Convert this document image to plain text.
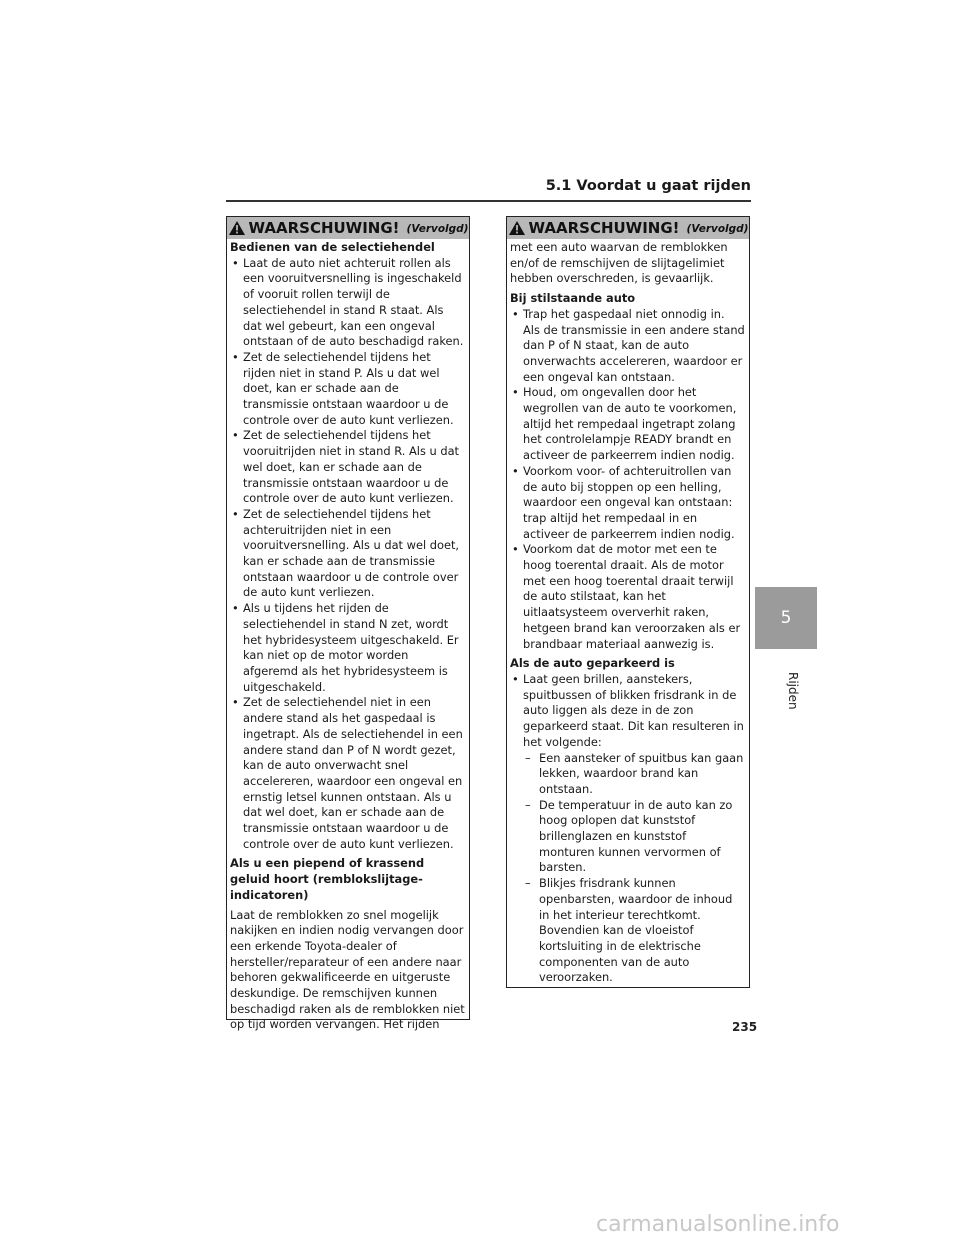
5.1 Voordat u gaat rijden
WAARSCHUWING! (Vervolgd)

Bedienen van de selectiehendel

• Laat de auto niet achteruit rollen als een vooruitversnelling is ingeschakeld of vooruit rollen terwijl de selectiehendel in stand R staat. Als dat wel gebeurt, kan een ongeval ontstaan of de auto beschadigd raken.
• Zet de selectiehendel tijdens het rijden niet in stand P. Als u dat wel doet, kan er schade aan de transmissie ontstaan waardoor u de controle over de auto kunt verliezen.
• Zet de selectiehendel tijdens het vooruitrijden niet in stand R. Als u dat wel doet, kan er schade aan de transmissie ontstaan waardoor u de controle over de auto kunt verliezen.
• Zet de selectiehendel tijdens het achteruitrijden niet in een vooruitversnelling. Als u dat wel doet, kan er schade aan de transmissie ontstaan waardoor u de controle over de auto kunt verliezen.
• Als u tijdens het rijden de selectiehendel in stand N zet, wordt het hybridesysteem uitgeschakeld. Er kan niet op de motor worden afgeremd als het hybridesysteem is uitgeschakeld.
• Zet de selectiehendel niet in een andere stand als het gaspedaal is ingetrapt. Als de selectiehendel in een andere stand dan P of N wordt gezet, kan de auto onverwacht snel accelereren, waardoor een ongeval en ernstig letsel kunnen ontstaan. Als u dat wel doet, kan er schade aan de transmissie ontstaan waardoor u de controle over de auto kunt verliezen.

Als u een piepend of krassend geluid hoort (remblokslijtage-indicatoren)

Laat de remblokken zo snel mogelijk nakijken en indien nodig vervangen door een erkende Toyota-dealer of hersteller/reparateur of een andere naar behoren gekwalificeerde en uitgeruste deskundige. De remschijven kunnen beschadigd raken als de remblokken niet op tijd worden vervangen. Het rijden

WAARSCHUWING! (Vervolgd)

met een auto waarvan de remblokken en/of de remschijven de slijtagelimiet hebben overschreden, is gevaarlijk.

Bij stilstaande auto

• Trap het gaspedaal niet onnodig in. Als de transmissie in een andere stand dan P of N staat, kan de auto onverwachts accelereren, waardoor er een ongeval kan ontstaan.
• Houd, om ongevallen door het wegrollen van de auto te voorkomen, altijd het rempedaal ingetrapt zolang het controlelampje READY brandt en activeer de parkeerrem indien nodig.
• Voorkom voor- of achteruitrollen van de auto bij stoppen op een helling, waardoor een ongeval kan ontstaan: trap altijd het rempedaal in en activeer de parkeerrem indien nodig.
• Voorkom dat de motor met een te hoog toerental draait. Als de motor met een hoog toerental draait terwijl de auto stilstaat, kan het uitlaatsysteem oververhit raken, hetgeen brand kan veroorzaken als er brandbaar materiaal aanwezig is.

Als de auto geparkeerd is

• Laat geen brillen, aanstekers, spuitbussen of blikken frisdrank in de auto liggen als deze in de zon geparkeerd staat. Dit kan resulteren in het volgende:
– Een aansteker of spuitbus kan gaan lekken, waardoor brand kan ontstaan.
– De temperatuur in de auto kan zo hoog oplopen dat kunststof brillenglazen en kunststof monturen kunnen vervormen of barsten.
– Blikjes frisdrank kunnen openbarsten, waardoor de inhoud in het interieur terechtkomt. Bovendien kan de vloeistof kortsluiting in de elektrische componenten van de auto veroorzaken.
5
Rijden
235
carmanualsonline.info
